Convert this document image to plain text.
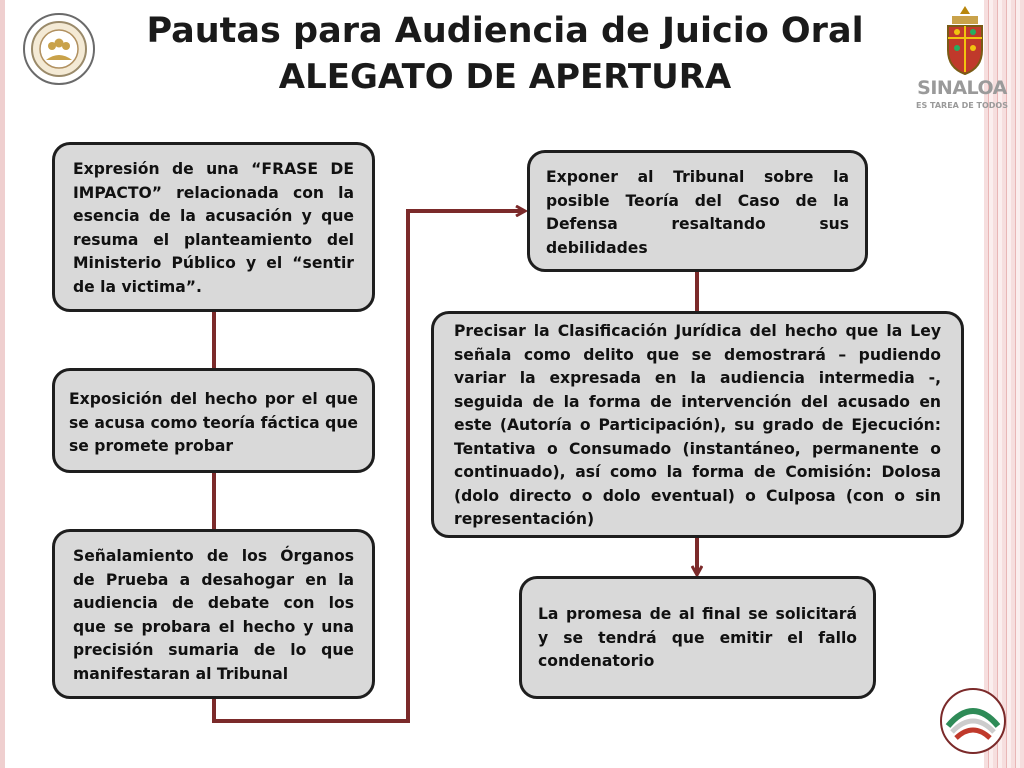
SINALOA
ES TAREA DE TODOS
Pautas para Audiencia de Juicio Oral
ALEGATO DE APERTURA
Expresión de una “FRASE DE IMPACTO” relacionada con la esencia de la acusación y que resuma el planteamiento del Ministerio Público y el “sentir de la victima”.
Exposición del hecho por el que se acusa como teoría fáctica que se promete probar
Señalamiento de los Órganos de Prueba a desahogar en la audiencia de debate con los que se probara el hecho y una precisión sumaria de lo que manifestaran al Tribunal
Exponer al Tribunal sobre la posible Teoría del Caso de la Defensa resaltando sus debilidades
Precisar la Clasificación Jurídica del hecho que la Ley señala como delito que se demostrará – pudiendo variar la expresada en la audiencia intermedia -, seguida de la forma de intervención del acusado en este (Autoría o Participación), su grado de Ejecución: Tentativa o Consumado (instantáneo, permanente o continuado), así como la forma de Comisión: Dolosa (dolo directo o dolo eventual) o Culposa (con o sin representación)
La promesa de al final se solicitará y se tendrá que emitir el fallo condenatorio
